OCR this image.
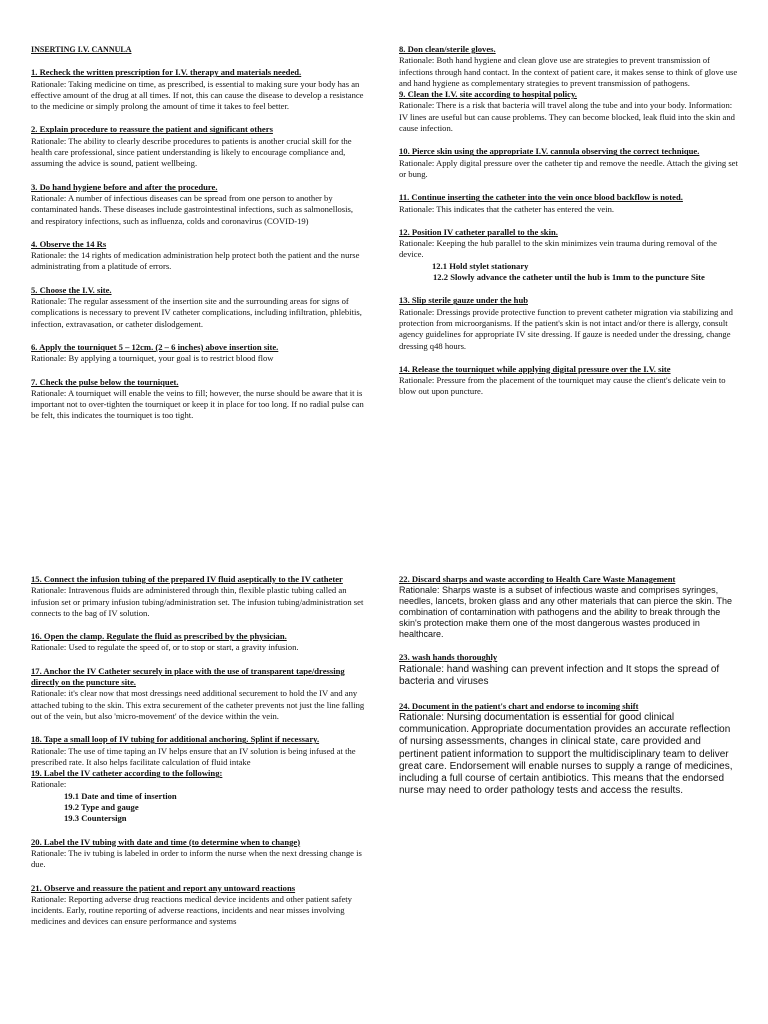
INSERTING I.V. CANNULA

1. Recheck the written prescription for I.V. therapy and materials needed.

Rationale: Taking medicine on time, as prescribed, is essential to making sure your body has an effective amount of the drug at all times. If not, this can cause the disease to develop a resistance to the medicine or simply prolong the amount of time it takes to feel better.

2. Explain procedure to reassure the patient and significant others

Rationale: The ability to clearly describe procedures to patients is another crucial skill for the health care professional, since patient understanding is likely to encourage compliance and, assuming the advice is sound, patient wellbeing.

3. Do hand hygiene before and after the procedure.

Rationale: A number of infectious diseases can be spread from one person to another by contaminated hands. These diseases include gastrointestinal infections, such as salmonellosis, and respiratory infections, such as influenza, colds and coronavirus (COVID-19)

4. Observe the 14 Rs

Rationale: the 14 rights of medication administration help protect both the patient and the nurse administrating from a platitude of errors.

5. Choose the I.V. site.

Rationale: The regular assessment of the insertion site and the surrounding areas for signs of complications is necessary to prevent IV catheter complications, including infiltration, phlebitis, infection, extravasation, or catheter dislodgement.

6. Apply the tourniquet 5 – 12cm. (2 – 6 inches) above insertion site.

Rationale: By applying a tourniquet, your goal is to restrict blood flow

7. Check the pulse below the tourniquet.

Rationale: A tourniquet will enable the veins to fill; however, the nurse should be aware that it is important not to over-tighten the tourniquet or keep it in place for too long. If no radial pulse can be felt, this indicates the tourniquet is too tight.

8. Don clean/sterile gloves.

Rationale: Both hand hygiene and clean glove use are strategies to prevent transmission of infections through hand contact. In the context of patient care, it makes sense to think of glove use and hand hygiene as complementary strategies to prevent transmission of pathogens.

9. Clean the I.V. site according to hospital policy.

Rationale: There is a risk that bacteria will travel along the tube and into your body. Information: IV lines are useful but can cause problems. They can become blocked, leak fluid into the skin and cause infection.

10. Pierce skin using the appropriate I.V. cannula observing the correct technique.

Rationale: Apply digital pressure over the catheter tip and remove the needle. Attach the giving set or bung.

11. Continue inserting the catheter into the vein once blood backflow is noted.

Rationale: This indicates that the catheter has entered the vein.

12. Position IV catheter parallel to the skin.

Rationale: Keeping the hub parallel to the skin minimizes vein trauma during removal of the device.

12.1 Hold stylet stationary

12.2 Slowly advance the catheter until the hub is 1mm to the puncture Site

13. Slip sterile gauze under the hub

Rationale: Dressings provide protective function to prevent catheter migration via stabilizing and protection from microorganisms. If the patient's skin is not intact and/or there is allergy, consult agency guidelines for appropriate IV site dressing. If gauze is needed under the dressing, change dressing q48 hours.

14. Release the tourniquet while applying digital pressure over the I.V. site

Rationale: Pressure from the placement of the tourniquet may cause the client's delicate vein to blow out upon puncture.

15. Connect the infusion tubing of the prepared IV fluid aseptically to the IV catheter

Rationale: Intravenous fluids are administered through thin, flexible plastic tubing called an infusion set or primary infusion tubing/administration set. The infusion tubing/administration set connects to the bag of IV solution.

16. Open the clamp. Regulate the fluid as prescribed by the physician.

Rationale: Used to regulate the speed of, or to stop or start, a gravity infusion.

17. Anchor the IV Catheter securely in place with the use of transparent tape/dressing directly on the puncture site.

Rationale: it's clear now that most dressings need additional securement to hold the IV and any attached tubing to the skin. This extra securement of the catheter prevents not just the line falling out of the vein, but also 'micro-movement' of the device within the vein.

18. Tape a small loop of IV tubing for additional anchoring. Splint if necessary.

Rationale: The use of time taping an IV helps ensure that an IV solution is being infused at the prescribed rate. It also helps facilitate calculation of fluid intake

19. Label the IV catheter according to the following:

Rationale:

19.1 Date and time of insertion

19.2 Type and gauge

19.3 Countersign

20. Label the IV tubing with date and time (to determine when to change)

Rationale: The iv tubing is labeled in order to inform the nurse when the next dressing change is due.

21. Observe and reassure the patient and report any untoward reactions

Rationale: Reporting adverse drug reactions medical device incidents and other patient safety incidents. Early, routine reporting of adverse reactions, incidents and near misses involving medicines and devices can ensure performance and systems

22. Discard sharps and waste according to Health Care Waste Management

Rationale: Sharps waste is a subset of infectious waste and comprises syringes, needles, lancets, broken glass and any other materials that can pierce the skin. The combination of contamination with pathogens and the ability to break through the skin's protection make them one of the most dangerous wastes produced in healthcare.

23. wash hands thoroughly

Rationale: hand washing can prevent infection and It stops the spread of bacteria and viruses

24. Document in the patient's chart and endorse to incoming shift

Rationale: Nursing documentation is essential for good clinical communication. Appropriate documentation provides an accurate reflection of nursing assessments, changes in clinical state, care provided and pertinent patient information to support the multidisciplinary team to deliver great care. Endorsement will enable nurses to supply a range of medicines, including a full course of certain antibiotics. This means that the endorsed nurse may need to order pathology tests and access the results.
